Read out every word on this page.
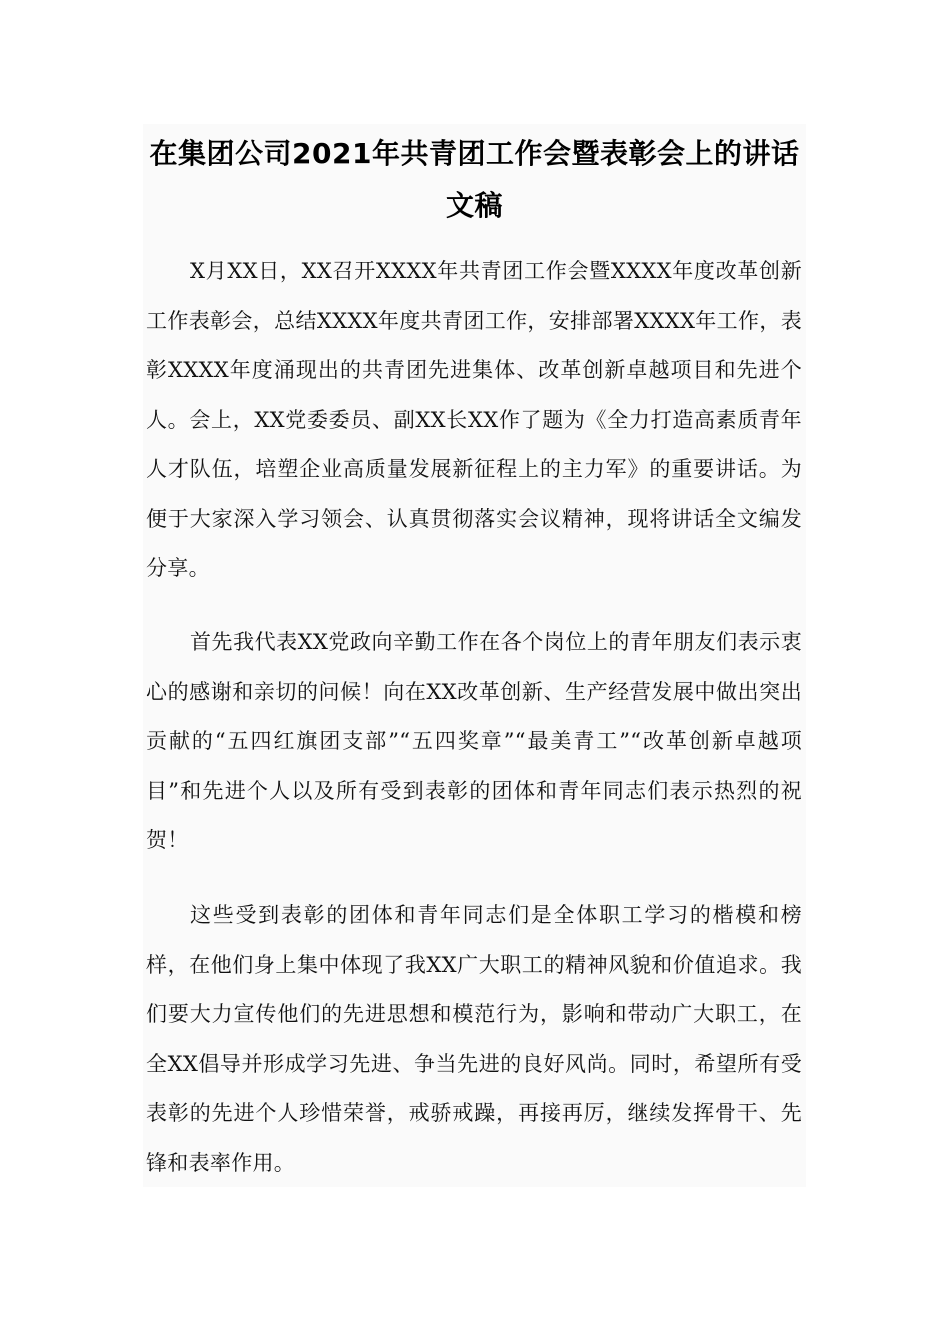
在集团公司2021年共青团工作会暨表彰会上的讲话文稿

X月XX日，XX召开XXXX年共青团工作会暨XXXX年度改革创新工作表彰会，总结XXXX年度共青团工作，安排部署XXXX年工作，表彰XXXX年度涌现出的共青团先进集体、改革创新卓越项目和先进个人。会上，XX党委委员、副XX长XX作了题为《全力打造高素质青年人才队伍，培塑企业高质量发展新征程上的主力军》的重要讲话。为便于大家深入学习领会、认真贯彻落实会议精神，现将讲话全文编发分享。

首先我代表XX党政向辛勤工作在各个岗位上的青年朋友们表示衷心的感谢和亲切的问候！向在XX改革创新、生产经营发展中做出突出贡献的“五四红旗团支部”“五四奖章”“最美青工”“改革创新卓越项目”和先进个人以及所有受到表彰的团体和青年同志们表示热烈的祝贺！

这些受到表彰的团体和青年同志们是全体职工学习的楷模和榜样，在他们身上集中体现了我XX广大职工的精神风貌和价值追求。我们要大力宣传他们的先进思想和模范行为，影响和带动广大职工，在全XX倡导并形成学习先进、争当先进的良好风尚。同时，希望所有受表彰的先进个人珍惜荣誉，戒骄戒躁，再接再厉，继续发挥骨干、先锋和表率作用。
